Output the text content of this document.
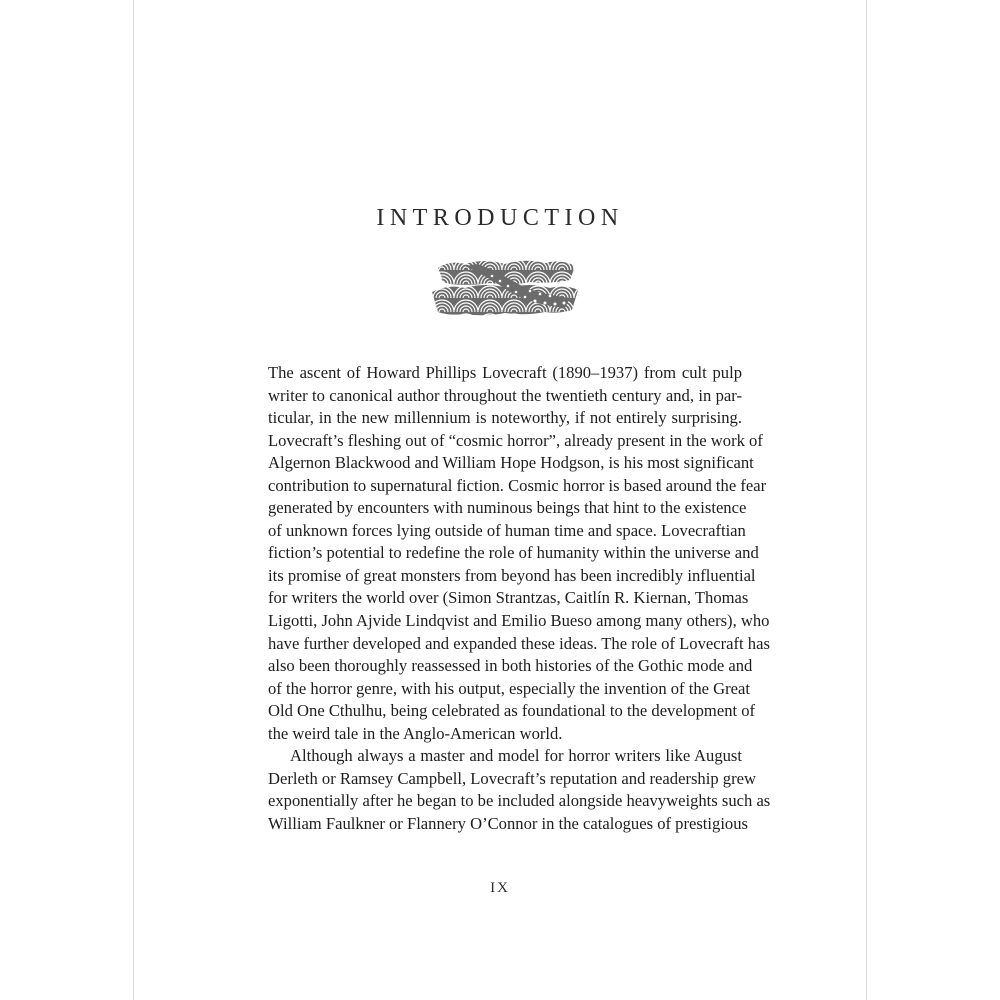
INTRODUCTION
The ascent of Howard Phillips Lovecraft (1890–1937) from cult pulp
writer to canonical author throughout the twentieth century and, in par-
ticular, in the new millennium is noteworthy, if not entirely surprising.
Lovecraft’s fleshing out of “cosmic horror”, already present in the work of
Algernon Blackwood and William Hope Hodgson, is his most significant
contribution to supernatural fiction. Cosmic horror is based around the fear
generated by encounters with numinous beings that hint to the existence
of unknown forces lying outside of human time and space. Lovecraftian
fiction’s potential to redefine the role of humanity within the universe and
its promise of great monsters from beyond has been incredibly influential
for writers the world over (Simon Strantzas, Caitlín R. Kiernan, Thomas
Ligotti, John Ajvide Lindqvist and Emilio Bueso among many others), who
have further developed and expanded these ideas. The role of Lovecraft has
also been thoroughly reassessed in both histories of the Gothic mode and
of the horror genre, with his output, especially the invention of the Great
Old One Cthulhu, being celebrated as foundational to the development of
the weird tale in the Anglo-American world.
Although always a master and model for horror writers like August
Derleth or Ramsey Campbell, Lovecraft’s reputation and readership grew
exponentially after he began to be included alongside heavyweights such as
William Faulkner or Flannery O’Connor in the catalogues of prestigious
IX
